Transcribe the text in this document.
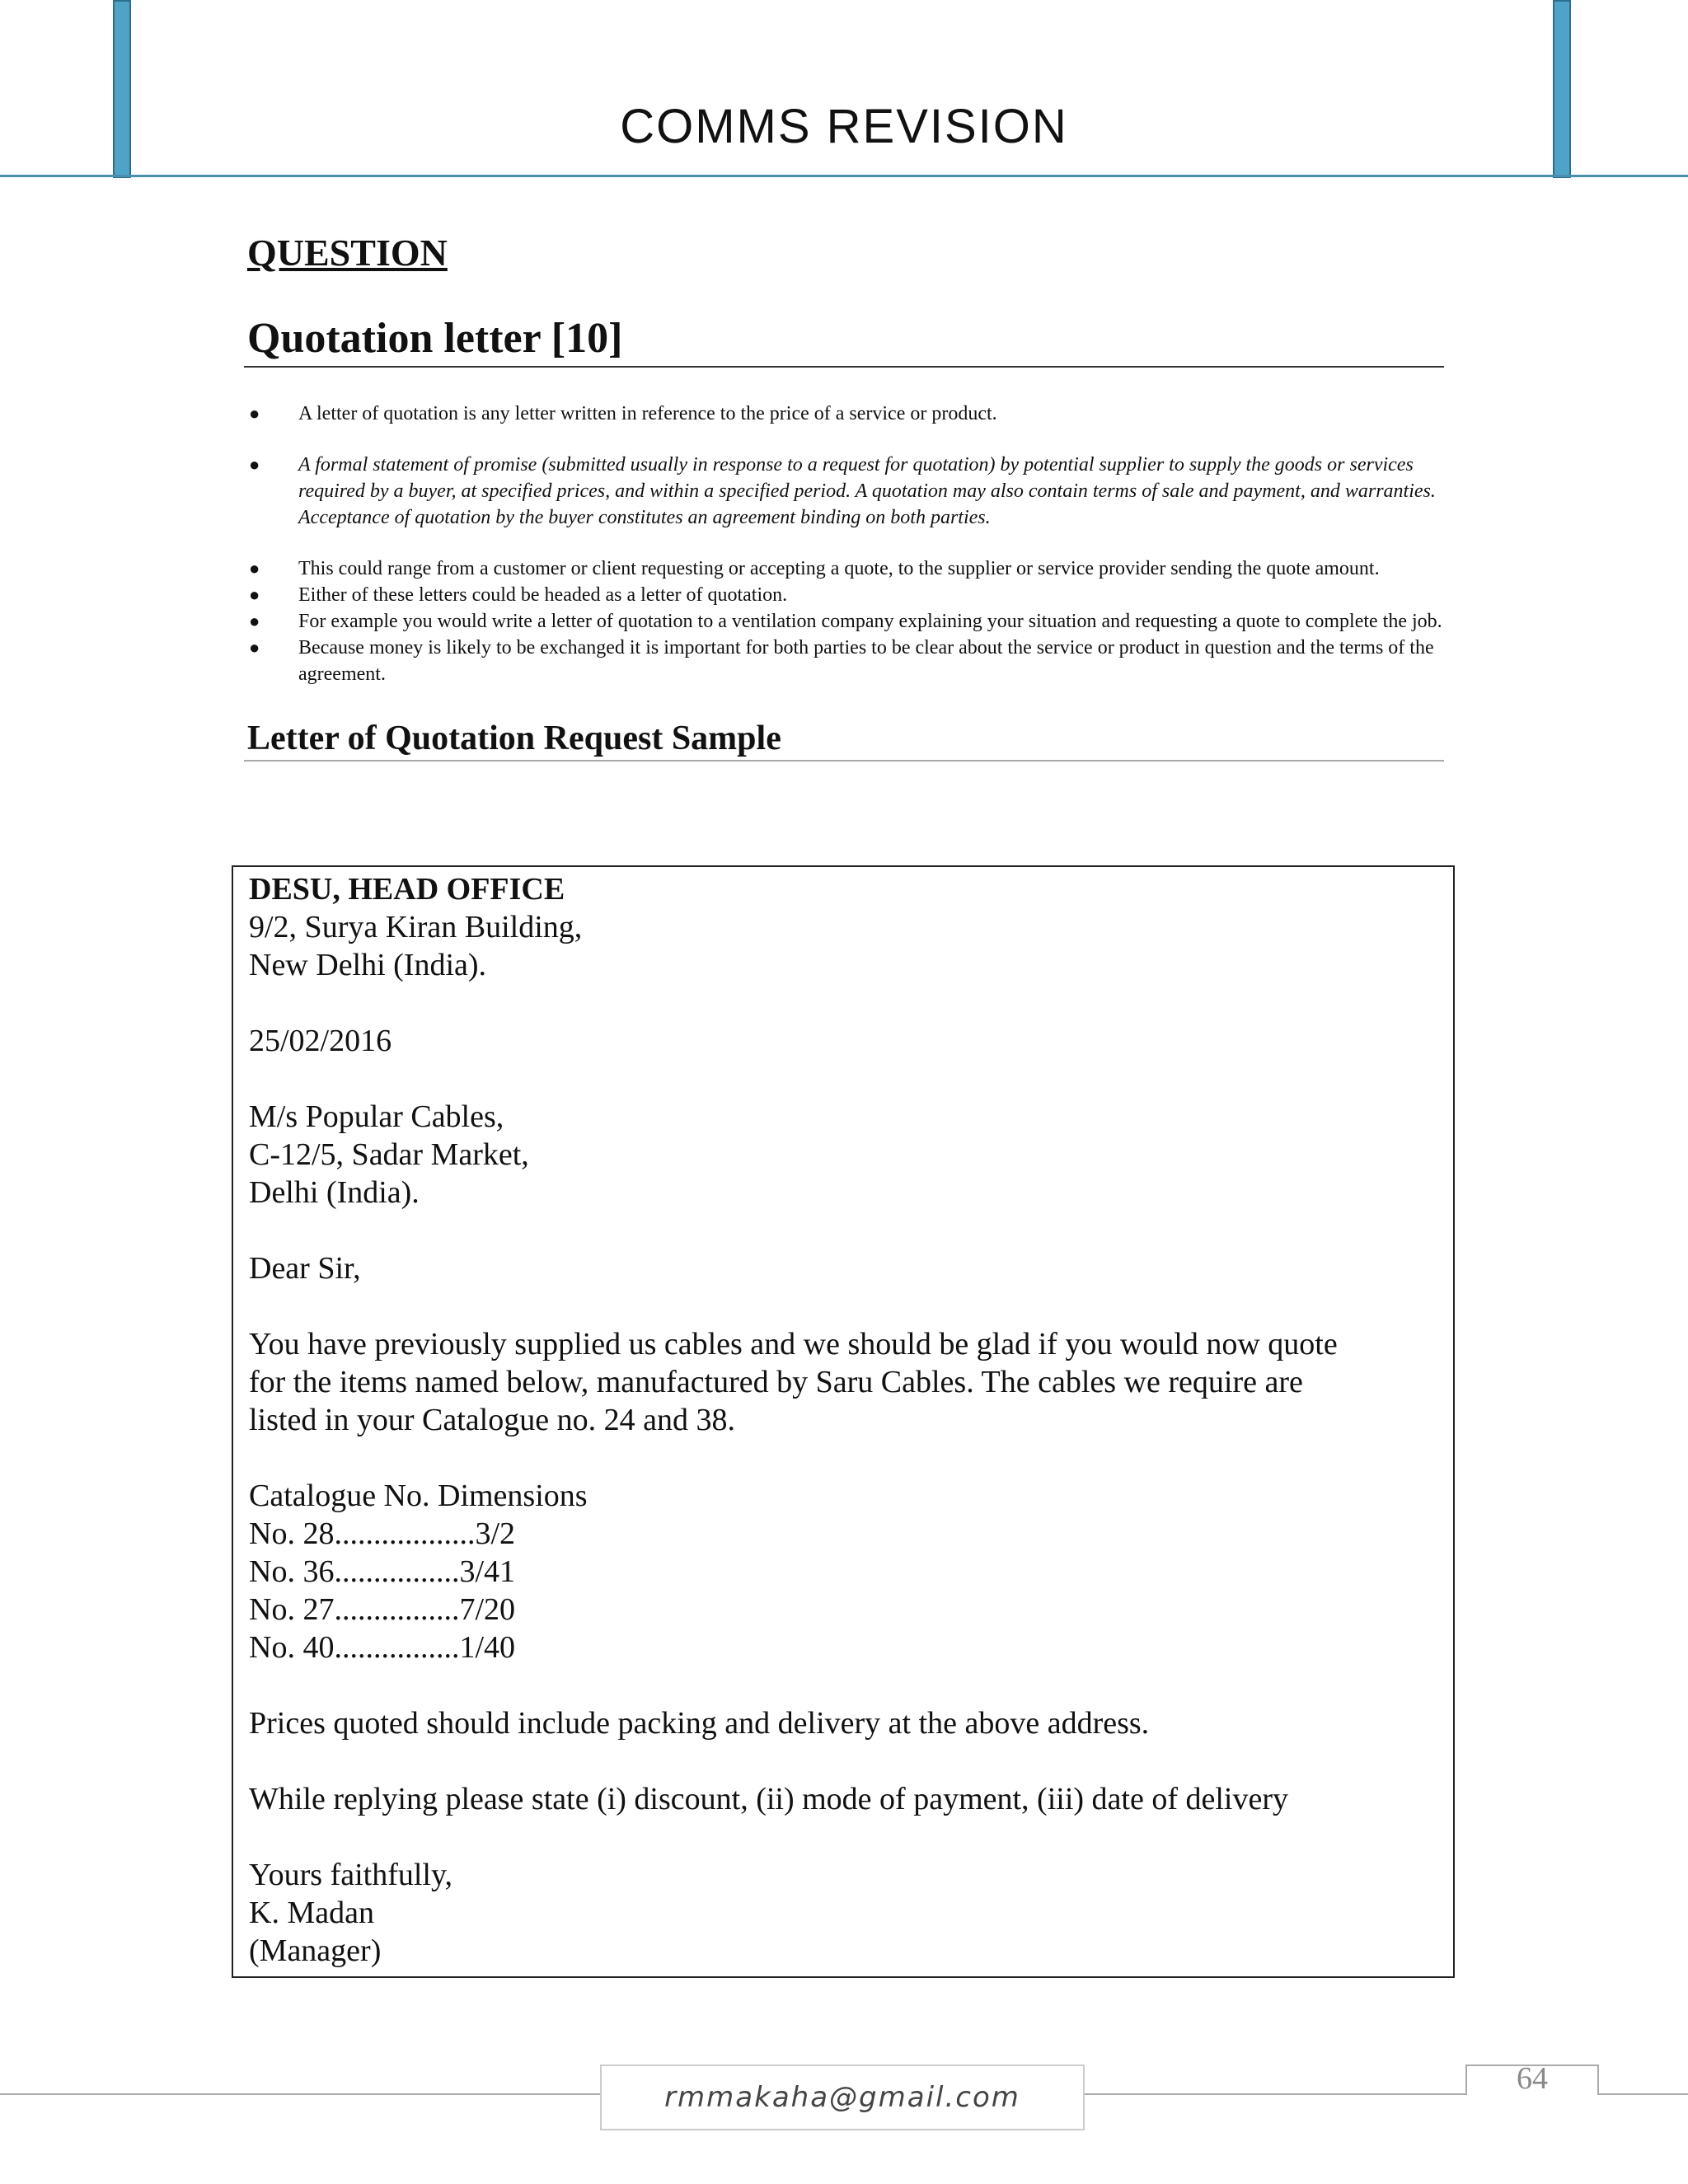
COMMS REVISION
QUESTION
Quotation letter [10]
● A letter of quotation is any letter written in reference to the price of a service or product.
● A formal statement of promise (submitted usually in response to a request for quotation) by potential supplier to supply the goods or services required by a buyer, at specified prices, and within a specified period. A quotation may also contain terms of sale and payment, and warranties. Acceptance of quotation by the buyer constitutes an agreement binding on both parties.
● This could range from a customer or client requesting or accepting a quote, to the supplier or service provider sending the quote amount.
● Either of these letters could be headed as a letter of quotation.
● For example you would write a letter of quotation to a ventilation company explaining your situation and requesting a quote to complete the job.
● Because money is likely to be exchanged it is important for both parties to be clear about the service or product in question and the terms of the agreement.
Letter of Quotation Request Sample
DESU, HEAD OFFICE
9/2, Surya Kiran Building,
New Delhi (India).
25/02/2016
M/s Popular Cables,
C-12/5, Sadar Market,
Delhi (India).
Dear Sir,
You have previously supplied us cables and we should be glad if you would now quote
for the items named below, manufactured by Saru Cables. The cables we require are
listed in your Catalogue no. 24 and 38.
Catalogue No. Dimensions
No. 28..................3/2
No. 36................3/41
No. 27................7/20
No. 40................1/40
Prices quoted should include packing and delivery at the above address.
While replying please state (i) discount, (ii) mode of payment, (iii) date of delivery
Yours faithfully,
K. Madan
(Manager)
rmmakaha@gmail.com
64
